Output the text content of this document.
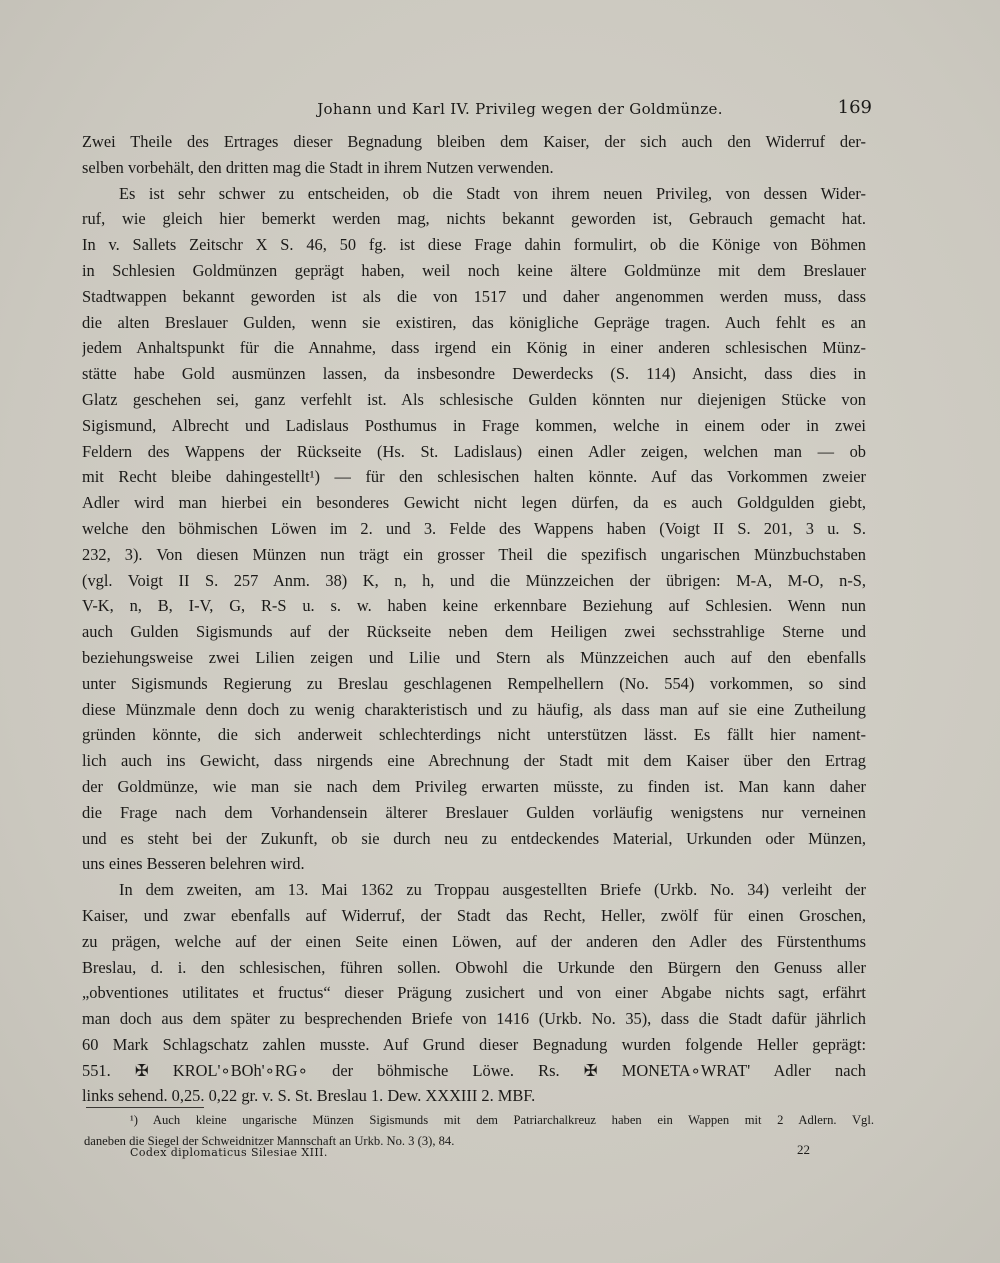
Johann und Karl IV. Privileg wegen der Goldmünze.	169
Zwei Theile des Ertrages dieser Begnadung bleiben dem Kaiser, der sich auch den Widerruf der-
selben vorbehält, den dritten mag die Stadt in ihrem Nutzen verwenden.
Es ist sehr schwer zu entscheiden, ob die Stadt von ihrem neuen Privileg, von dessen Wider-
ruf, wie gleich hier bemerkt werden mag, nichts bekannt geworden ist, Gebrauch gemacht hat.
In v. Sallets Zeitschr X S. 46, 50 fg. ist diese Frage dahin formulirt, ob die Könige von Böhmen
in Schlesien Goldmünzen geprägt haben, weil noch keine ältere Goldmünze mit dem Breslauer
Stadtwappen bekannt geworden ist als die von 1517 und daher angenommen werden muss, dass
die alten Breslauer Gulden, wenn sie existiren, das königliche Gepräge tragen. Auch fehlt es an
jedem Anhaltspunkt für die Annahme, dass irgend ein König in einer anderen schlesischen Münz-
stätte habe Gold ausmünzen lassen, da insbesondre Dewerdecks (S. 114) Ansicht, dass dies in
Glatz geschehen sei, ganz verfehlt ist. Als schlesische Gulden könnten nur diejenigen Stücke von
Sigismund, Albrecht und Ladislaus Posthumus in Frage kommen, welche in einem oder in zwei
Feldern des Wappens der Rückseite (Hs. St. Ladislaus) einen Adler zeigen, welchen man — ob
mit Recht bleibe dahingestellt¹) — für den schlesischen halten könnte. Auf das Vorkommen zweier
Adler wird man hierbei ein besonderes Gewicht nicht legen dürfen, da es auch Goldgulden giebt,
welche den böhmischen Löwen im 2. und 3. Felde des Wappens haben (Voigt II S. 201, 3 u. S.
232, 3). Von diesen Münzen nun trägt ein grosser Theil die spezifisch ungarischen Münzbuchstaben
(vgl. Voigt II S. 257 Anm. 38) K, n, h, und die Münzzeichen der übrigen: M-A, M-O, n-S,
V-K, n, B, I-V, G, R-S u. s. w. haben keine erkennbare Beziehung auf Schlesien. Wenn nun
auch Gulden Sigismunds auf der Rückseite neben dem Heiligen zwei sechsstrahlige Sterne und
beziehungsweise zwei Lilien zeigen und Lilie und Stern als Münzzeichen auch auf den ebenfalls
unter Sigismunds Regierung zu Breslau geschlagenen Rempelhellern (No. 554) vorkommen, so sind
diese Münzmale denn doch zu wenig charakteristisch und zu häufig, als dass man auf sie eine Zutheilung
gründen könnte, die sich anderweit schlechterdings nicht unterstützen lässt. Es fällt hier nament-
lich auch ins Gewicht, dass nirgends eine Abrechnung der Stadt mit dem Kaiser über den Ertrag
der Goldmünze, wie man sie nach dem Privileg erwarten müsste, zu finden ist. Man kann daher
die Frage nach dem Vorhandensein älterer Breslauer Gulden vorläufig wenigstens nur verneinen
und es steht bei der Zukunft, ob sie durch neu zu entdeckendes Material, Urkunden oder Münzen,
uns eines Besseren belehren wird.
In dem zweiten, am 13. Mai 1362 zu Troppau ausgestellten Briefe (Urkb. No. 34) verleiht der
Kaiser, und zwar ebenfalls auf Widerruf, der Stadt das Recht, Heller, zwölf für einen Groschen,
zu prägen, welche auf der einen Seite einen Löwen, auf der anderen den Adler des Fürstenthums
Breslau, d. i. den schlesischen, führen sollen. Obwohl die Urkunde den Bürgern den Genuss aller
„obventiones utilitates et fructus“ dieser Prägung zusichert und von einer Abgabe nichts sagt, erfährt
man doch aus dem später zu besprechenden Briefe von 1416 (Urkb. No. 35), dass die Stadt dafür jährlich
60 Mark Schlagschatz zahlen musste. Auf Grund dieser Begnadung wurden folgende Heller geprägt:
551. ✠ KROL'∘BOh'∘RG∘ der böhmische Löwe. Rs. ✠ MONETA∘WRAT' Adler nach
links sehend. 0,25. 0,22 gr. v. S. St. Breslau 1. Dew. XXXIII 2. MBF.
¹) Auch kleine ungarische Münzen Sigismunds mit dem Patriarchalkreuz haben ein Wappen mit 2 Adlern. Vgl.
daneben die Siegel der Schweidnitzer Mannschaft an Urkb. No. 3 (3), 84.
Codex diplomaticus Silesiae XIII.	22
